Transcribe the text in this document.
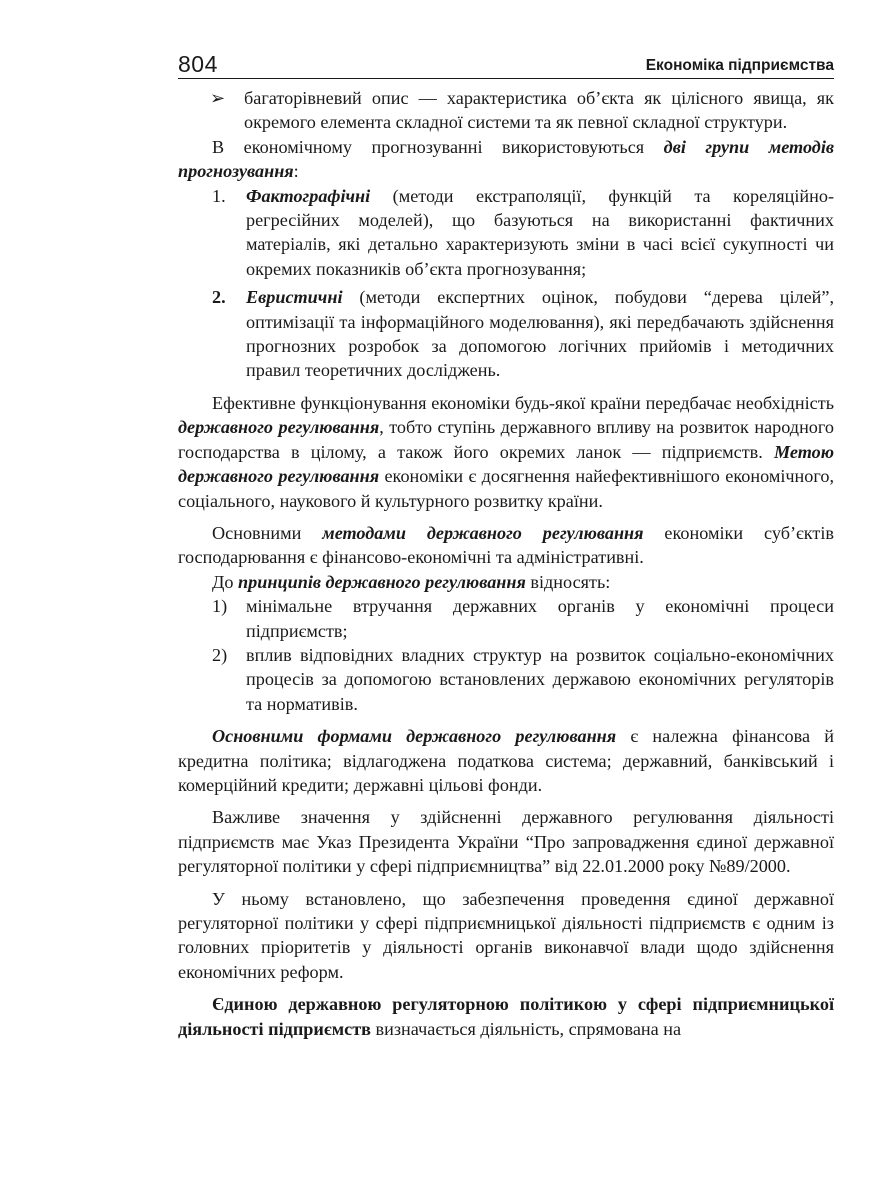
804	Економіка підприємства
➢ багаторівневий опис — характеристика об’єкта як цілісного явища, як окремого елемента складної системи та як певної складної структури.

В економічному прогнозуванні використовуються дві групи методів прогнозування:

1. Фактографічні (методи екстраполяції, функцій та кореляційно-регресійних моделей), що базуються на використанні фактичних матеріалів, які детально характеризують зміни в часі всієї сукупності чи окремих показників об’єкта прогнозування;
2. Евристичні (методи експертних оцінок, побудови “дерева цілей”, оптимізації та інформаційного моделювання), які передбачають здійснення прогнозних розробок за допомогою логічних прийомів і методичних правил теоретичних досліджень.

Ефективне функціонування економіки будь-якої країни передбачає необхідність державного регулювання, тобто ступінь державного впливу на розвиток народного господарства в цілому, а також його окремих ланок — підприємств. Метою державного регулювання економіки є досягнення найефективнішого економічного, соціального, наукового й культурного розвитку країни.

Основними методами державного регулювання економіки суб’єктів господарювання є фінансово-економічні та адміністративні.

До принципів державного регулювання відносять:

1) мінімальне втручання державних органів у економічні процеси підприємств;
2) вплив відповідних владних структур на розвиток соціально-економічних процесів за допомогою встановлених державою економічних регуляторів та нормативів.

Основними формами державного регулювання є належна фінансова й кредитна політика; відлагоджена податкова система; державний, банківський і комерційний кредити; державні цільові фонди.

Важливе значення у здійсненні державного регулювання діяльності підприємств має Указ Президента України “Про запровадження єдиної державної регуляторної політики у сфері підприємництва” від 22.01.2000 року №89/2000.

У ньому встановлено, що забезпечення проведення єдиної державної регуляторної політики у сфері підприємницької діяльності підприємств є одним із головних пріоритетів у діяльності органів виконавчої влади щодо здійснення економічних реформ.

Єдиною державною регуляторною політикою у сфері підприємницької діяльності підприємств визначається діяльність, спрямована на
